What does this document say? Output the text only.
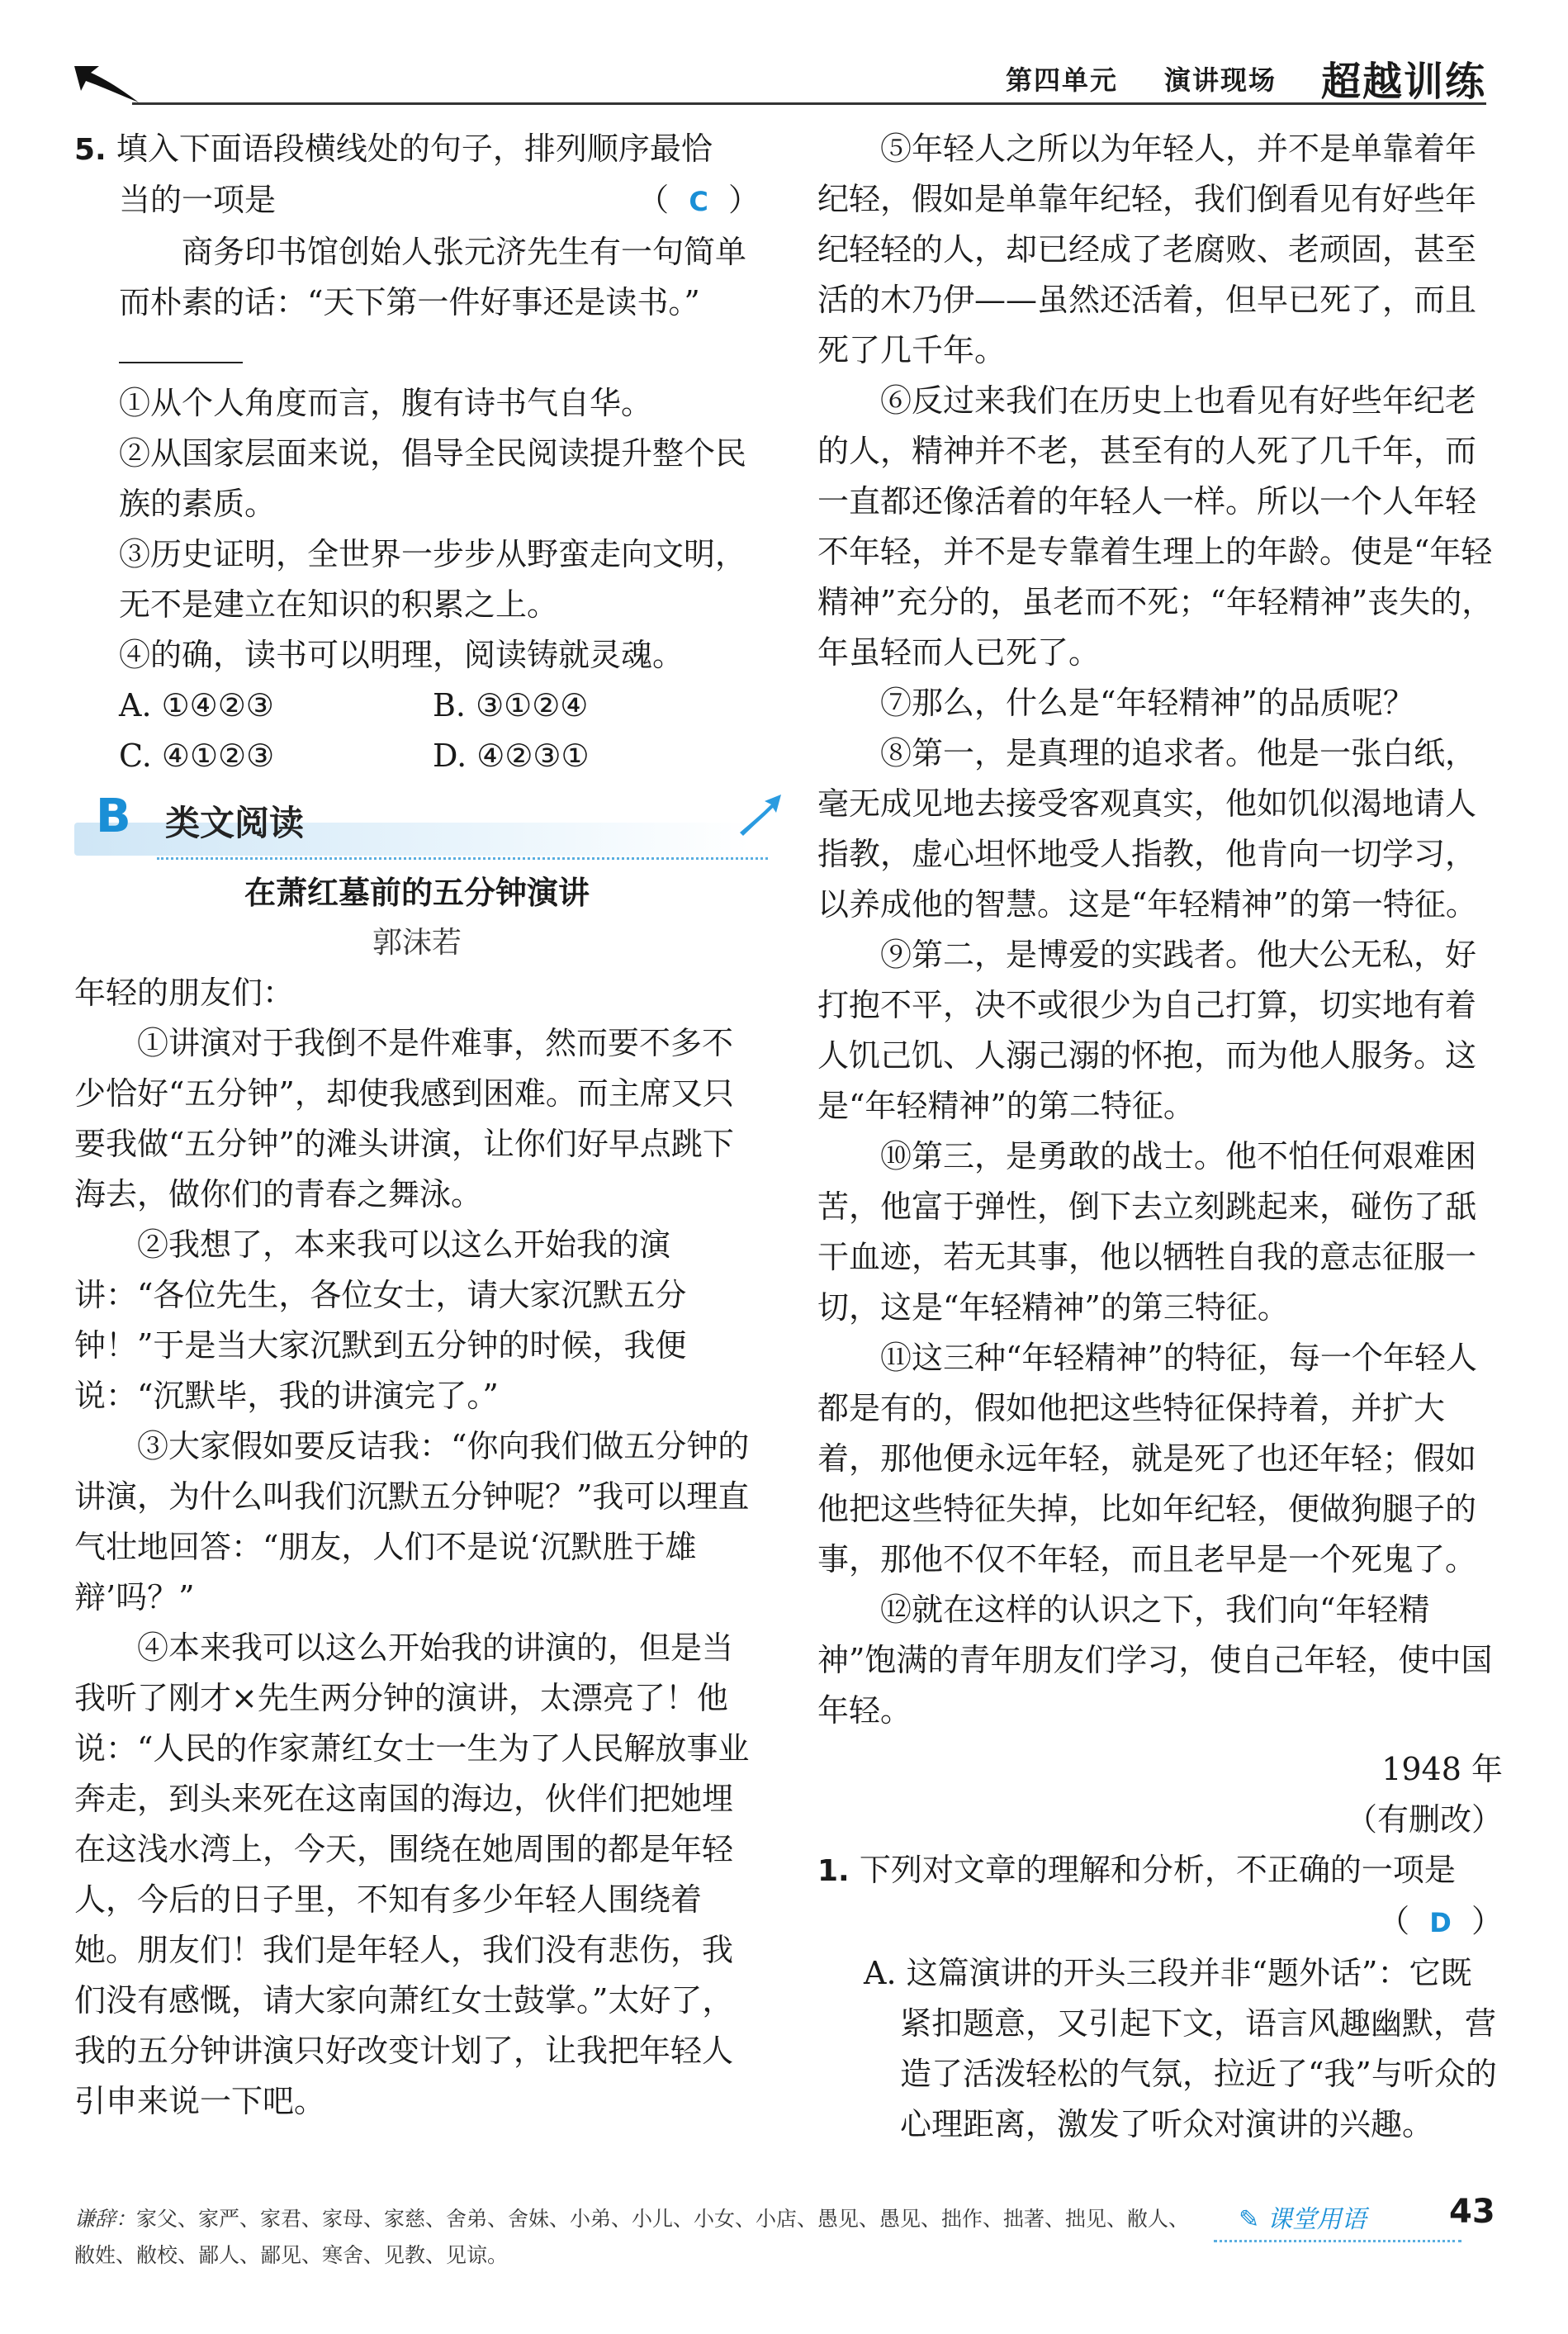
第四单元 演讲现场 超越训练

5. 填入下面语段横线处的句子，排列顺序最恰

当的一项是	（  C  ）

商务印书馆创始人张元济先生有一句简单而朴素的话：“天下第一件好事还是读书。”

①从个人角度而言，腹有诗书气自华。

②从国家层面来说，倡导全民阅读提升整个民族的素质。

③历史证明，全世界一步步从野蛮走向文明，无不是建立在知识的积累之上。

④的确，读书可以明理，阅读铸就灵魂。

A. ①④②③	B. ③①②④
C. ④①②③	D. ④②③①
B 类文阅读

在萧红墓前的五分钟演讲

郭沫若

年轻的朋友们：

①讲演对于我倒不是件难事，然而要不多不少恰好“五分钟”，却使我感到困难。而主席又只要我做“五分钟”的滩头讲演，让你们好早点跳下海去，做你们的青春之舞泳。

②我想了，本来我可以这么开始我的演讲：“各位先生，各位女士，请大家沉默五分钟！”于是当大家沉默到五分钟的时候，我便说：“沉默毕，我的讲演完了。”

③大家假如要反诘我：“你向我们做五分钟的讲演，为什么叫我们沉默五分钟呢？”我可以理直气壮地回答：“朋友，人们不是说‘沉默胜于雄辩’吗？”

④本来我可以这么开始我的讲演的，但是当我听了刚才×先生两分钟的演讲，太漂亮了！他说：“人民的作家萧红女士一生为了人民解放事业奔走，到头来死在这南国的海边，伙伴们把她埋在这浅水湾上，今天，围绕在她周围的都是年轻人，今后的日子里，不知有多少年轻人围绕着她。朋友们！我们是年轻人，我们没有悲伤，我们没有感慨，请大家向萧红女士鼓掌。”太好了，我的五分钟讲演只好改变计划了，让我把年轻人引申来说一下吧。

⑤年轻人之所以为年轻人，并不是单靠着年纪轻，假如是单靠年纪轻，我们倒看见有好些年纪轻轻的人，却已经成了老腐败、老顽固，甚至活的木乃伊——虽然还活着，但早已死了，而且死了几千年。

⑥反过来我们在历史上也看见有好些年纪老的人，精神并不老，甚至有的人死了几千年，而一直都还像活着的年轻人一样。所以一个人年轻不年轻，并不是专靠着生理上的年龄。使是“年轻精神”充分的，虽老而不死；“年轻精神”丧失的，年虽轻而人已死了。

⑦那么，什么是“年轻精神”的品质呢？

⑧第一，是真理的追求者。他是一张白纸，毫无成见地去接受客观真实，他如饥似渴地请人指教，虚心坦怀地受人指教，他肯向一切学习，以养成他的智慧。这是“年轻精神”的第一特征。

⑨第二，是博爱的实践者。他大公无私，好打抱不平，决不或很少为自己打算，切实地有着人饥己饥、人溺己溺的怀抱，而为他人服务。这是“年轻精神”的第二特征。

⑩第三，是勇敢的战士。他不怕任何艰难困苦，他富于弹性，倒下去立刻跳起来，碰伤了舐干血迹，若无其事，他以牺牲自我的意志征服一切，这是“年轻精神”的第三特征。

⑪这三种“年轻精神”的特征，每一个年轻人都是有的，假如他把这些特征保持着，并扩大着，那他便永远年轻，就是死了也还年轻；假如他把这些特征失掉，比如年纪轻，便做狗腿子的事，那他不仅不年轻，而且老早是一个死鬼了。

⑫就在这样的认识之下，我们向“年轻精神”饱满的青年朋友们学习，使自己年轻，使中国年轻。

1948 年

（有删改）

1. 下列对文章的理解和分析，不正确的一项是

（  D  ）

A. 这篇演讲的开头三段并非“题外话”：它既紧扣题意，又引起下文，语言风趣幽默，营造了活泼轻松的气氛，拉近了“我”与听众的心理距离，激发了听众对演讲的兴趣。

谦辞：家父、家严、家君、家母、家慈、舍弟、舍妹、小弟、小儿、小女、小店、愚见、愚见、拙作、拙著、拙见、敝人、敝姓、敝校、鄙人、鄙见、寒舍、见教、见谅。
✎ 课堂用语	43
